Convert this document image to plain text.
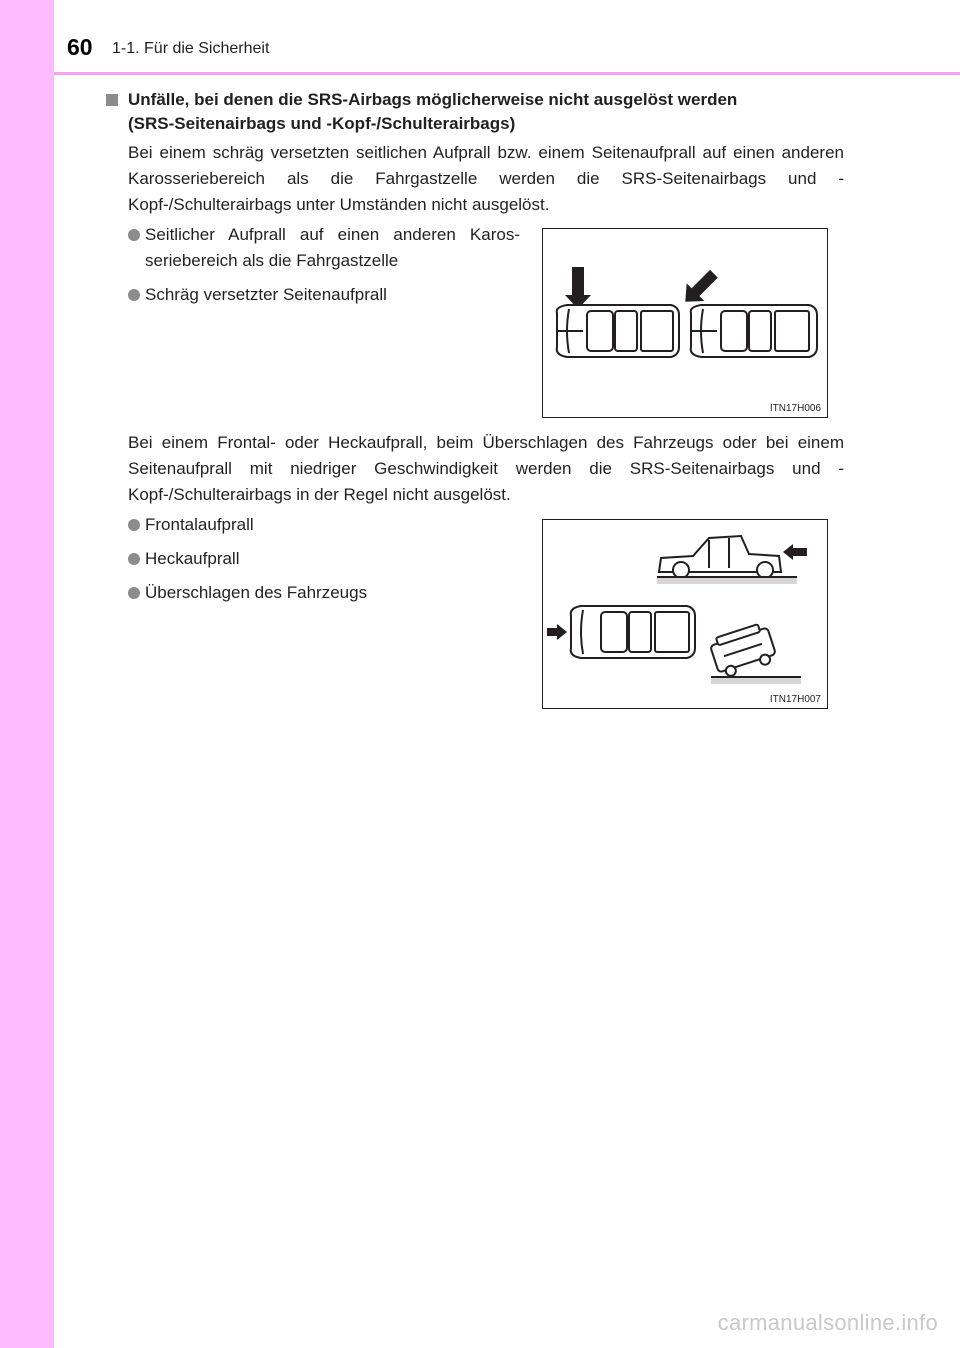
60 1-1. Für die Sicherheit
Unfälle, bei denen die SRS-Airbags möglicherweise nicht ausgelöst werden
(SRS-Seitenairbags und -Kopf-/Schulterairbags)
Bei einem schräg versetzten seitlichen Aufprall bzw. einem Seitenaufprall auf einen anderen Karosseriebereich als die Fahrgastzelle werden die SRS-Seitenairbags und -Kopf-/Schulterairbags unter Umständen nicht ausgelöst.
Seitlicher Aufprall auf einen anderen Karos-seriebereich als die Fahrgastzelle
Schräg versetzter Seitenaufprall
ITN17H006
Bei einem Frontal- oder Heckaufprall, beim Überschlagen des Fahrzeugs oder bei einem Seitenaufprall mit niedriger Geschwindigkeit werden die SRS-Seitenairbags und -Kopf-/Schulterairbags in der Regel nicht ausgelöst.
Frontalaufprall
Heckaufprall
Überschlagen des Fahrzeugs
ITN17H007
carmanualsonline.info
